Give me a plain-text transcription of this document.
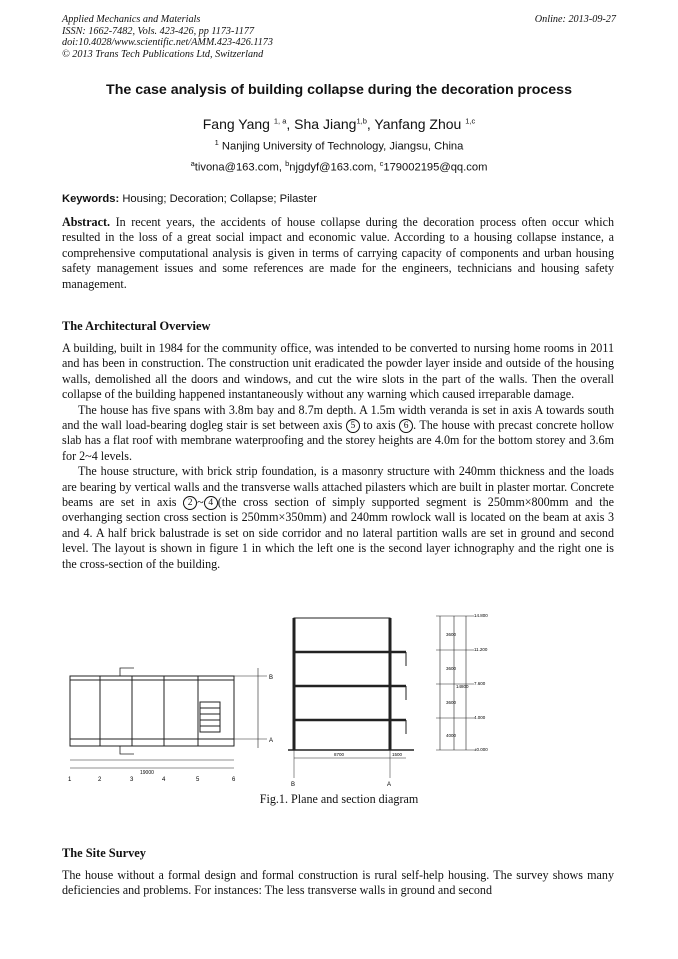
Applied Mechanics and Materials
ISSN: 1662-7482, Vols. 423-426, pp 1173-1177
doi:10.4028/www.scientific.net/AMM.423-426.1173
© 2013 Trans Tech Publications Ltd, Switzerland
Online: 2013-09-27
The case analysis of building collapse during the decoration process
Fang Yang $^{1, a}$, Sha Jiang$^{1,b}$, Yanfang Zhou $^{1,c}$
$^1$ Nanjing University of Technology, Jiangsu, China
$^a$tivona@163.com, $^b$njgdyf@163.com, $^c$179002195@qq.com
Keywords: Housing; Decoration; Collapse; Pilaster

Abstract. In recent years, the accidents of house collapse during the decoration process often occur which resulted in the loss of a great social impact and economic value. According to a housing collapse instance, a comprehensive computational analysis is given in terms of carrying capacity of components and urban housing safety management issues and some references are made for the engineers, technicians and housing safety management.

The Architectural Overview

A building, built in 1984 for the community office, was intended to be converted to nursing home rooms in 2011 and has been in construction. The construction unit eradicated the powder layer inside and outside of the housing walls, demolished all the doors and windows, and cut the wire slots in the part of the walls. Then the overall collapse of the building happened instantaneously without any warning which caused irreparable damage.

The house has five spans with 3.8m bay and 8.7m depth. A 1.5m width veranda is set in axis A towards south and the wall load-bearing dogleg stair is set between axis 5 to axis 6 . The house with precast concrete hollow slab has a flat roof with membrane waterproofing and the storey heights are 4.0m for the bottom storey and 3.6m for 2~4 levels.

The house structure, with brick strip foundation, is a masonry structure with 240mm thickness and the loads are bearing by vertical walls and the transverse walls attached pilasters which are built in plaster mortar. Concrete beams are set in axis 2 ~ 4 (the cross section of simply supported segment is 250mm×800mm and the overhanging section cross section is 250mm×350mm) and 240mm rowlock wall is located on the beam at axis 3 and 4. A half brick balustrade is set on side corridor and no lateral partition walls are set in ground and second level. The layout is shown in figure 1 in which the left one is the second layer ichnography and the right one is the cross-section of the building.

1	2	3	4	5	6
B
A
19000
B	A
8700	1500
14.800
11.200
7.600
4.000
±0.000
3600
3600
3600
4000
14800
Fig.1. Plane and section diagram
The Site Survey

The house without a formal design and formal construction is rural self-help housing. The survey shows many deficiencies and problems. For instances: The less transverse walls in ground and second
